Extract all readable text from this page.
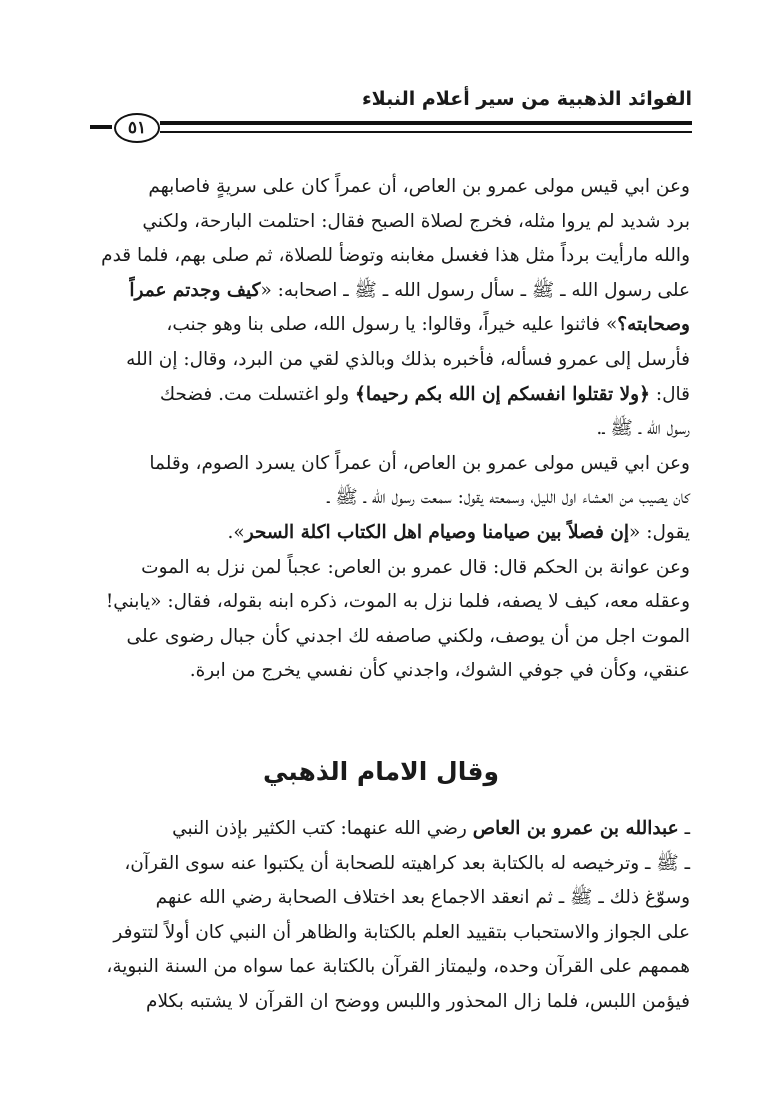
الفوائد الذهبية من سير أعلام النبلاء
٥١

وعن ابي قيس مولى عمرو بن العاص، أن عمراً كان على سريةٍ فاصابهم
برد شديد لم يروا مثله، فخرج لصلاة الصبح فقال: احتلمت البارحة، ولكني
والله مارأيت برداً مثل هذا فغسل مغابنه وتوضأ للصلاة، ثم صلى بهم، فلما قدم
على رسول الله ـ ﷺ ـ سأل رسول الله ـ ﷺ ـ اصحابه: «كيف وجدتم عمراً
وصحابته؟» فاثنوا عليه خيراً، وقالوا: يا رسول الله، صلى بنا وهو جنب،
فأرسل إلى عمرو فسأله، فأخبره بذلك وبالذي لقي من البرد، وقال: إن الله
قال: ﴿ولا تقتلوا انفسكم إن الله بكم رحيما﴾ ولو اغتسلت مت. فضحك
رسول الله ـ ﷺ ـ.

وعن ابي قيس مولى عمرو بن العاص، أن عمراً كان يسرد الصوم، وقلما
كان يصيب من العشاء اول الليل، وسمعته يقول: سمعت رسول الله ـ ﷺ ـ
يقول: «إن فصلاً بين صيامنا وصيام اهل الكتاب اكلة السحر».

وعن عوانة بن الحكم قال: قال عمرو بن العاص: عجباً لمن نزل به الموت
وعقله معه، كيف لا يصفه، فلما نزل به الموت، ذكره ابنه بقوله، فقال: «يابني!
الموت اجل من أن يوصف، ولكني صاصفه لك اجدني كأن جبال رضوى على
عنقي، وكأن في جوفي الشوك، واجدني كأن نفسي يخرج من ابرة.

وقال الامام الذهبي

ـ عبدالله بن عمرو بن العاص رضي الله عنهما: كتب الكثير بإذن النبي
ـ ﷺ ـ وترخيصه له بالكتابة بعد كراهيته للصحابة أن يكتبوا عنه سوى القرآن،
وسوّغ ذلك ـ ﷺ ـ ثم انعقد الاجماع بعد اختلاف الصحابة رضي الله عنهم
على الجواز والاستحباب بتقييد العلم بالكتابة والظاهر أن النبي كان أولاً لتتوفر
هممهم على القرآن وحده، وليمتاز القرآن بالكتابة عما سواه من السنة النبوية،
فيؤمن اللبس، فلما زال المحذور واللبس ووضح ان القرآن لا يشتبه بكلام
